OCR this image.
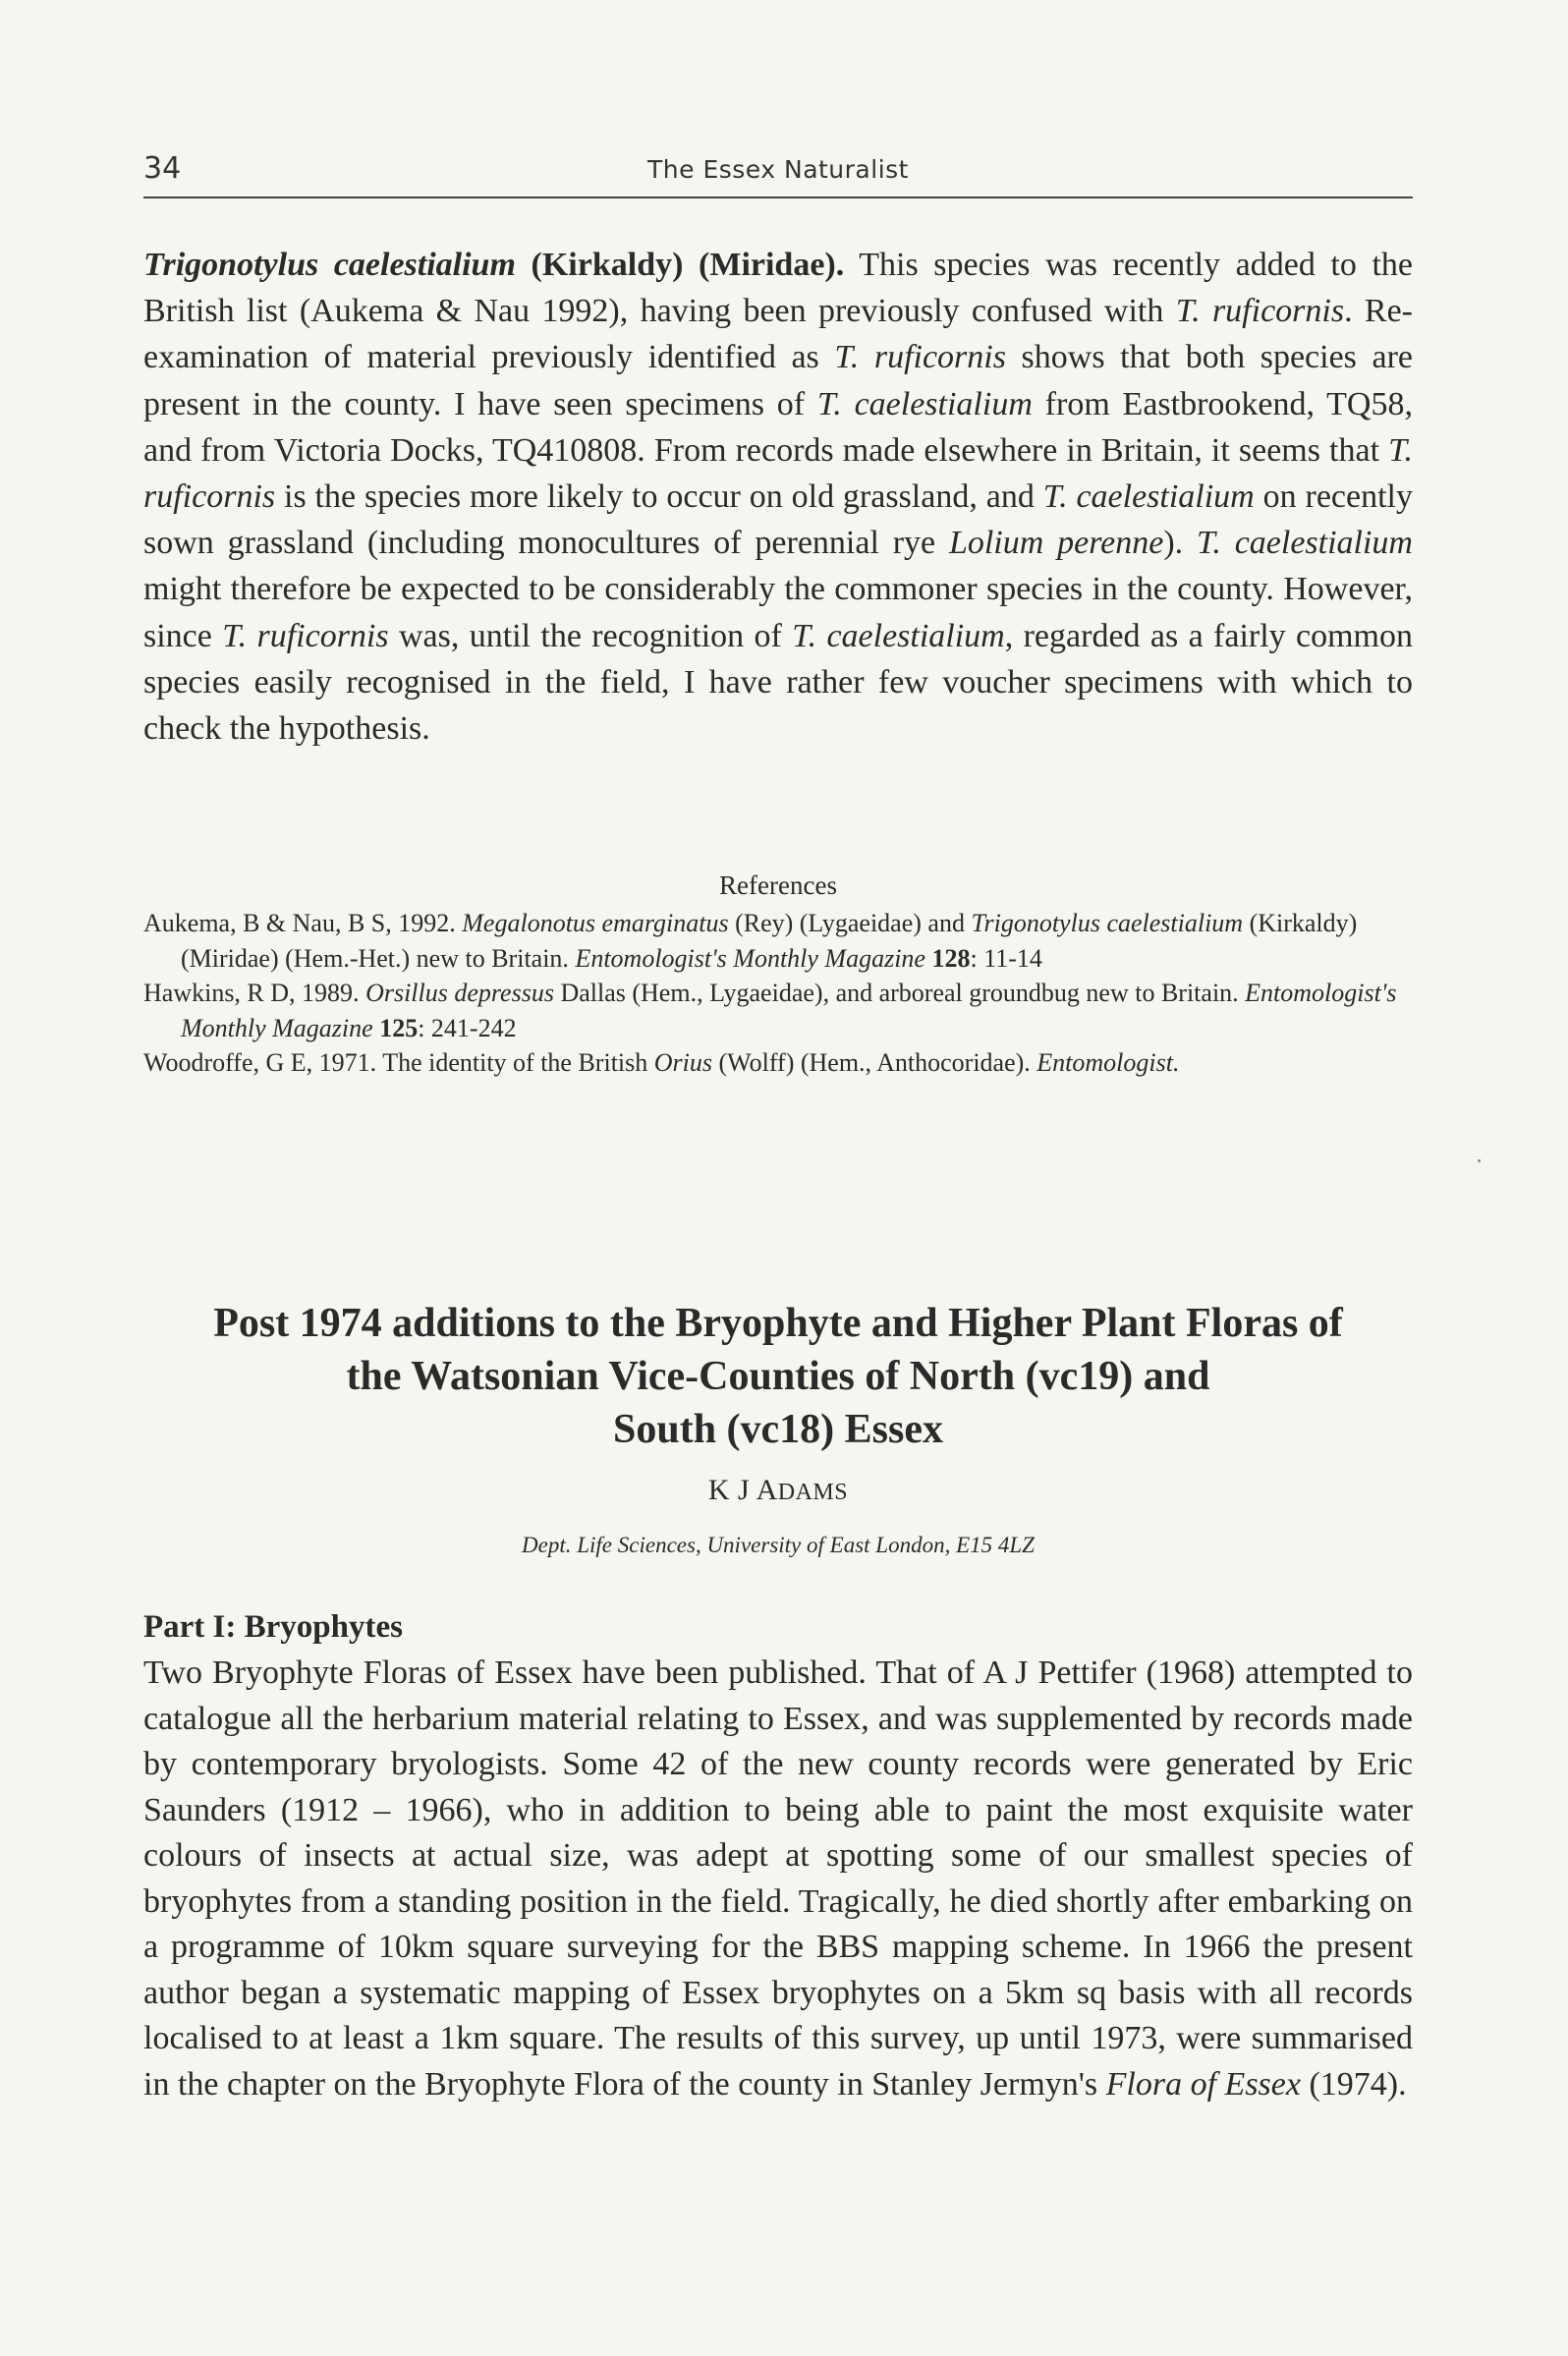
34	The Essex Naturalist

Trigonotylus caelestialium (Kirkaldy) (Miridae). This species was recently added to the British list (Aukema & Nau 1992), having been previously confused with T. ruficornis. Re-examination of material previously identified as T. ruficornis shows that both species are present in the county. I have seen specimens of T. caelestialium from Eastbrookend, TQ58, and from Victoria Docks, TQ410808. From records made elsewhere in Britain, it seems that T. ruficornis is the species more likely to occur on old grassland, and T. caelestialium on recently sown grassland (including monocultures of perennial rye Lolium perenne). T. caelestialium might therefore be expected to be considerably the commoner species in the county. However, since T. ruficornis was, until the recognition of T. caelestialium, regarded as a fairly common species easily recognised in the field, I have rather few voucher specimens with which to check the hypothesis.

References

Aukema, B & Nau, B S, 1992. Megalonotus emarginatus (Rey) (Lygaeidae) and Trigonotylus caelestialium (Kirkaldy) (Miridae) (Hem.-Het.) new to Britain. Entomologist's Monthly Magazine 128: 11-14

Hawkins, R D, 1989. Orsillus depressus Dallas (Hem., Lygaeidae), and arboreal groundbug new to Britain. Entomologist's Monthly Magazine 125: 241-242

Woodroffe, G E, 1971. The identity of the British Orius (Wolff) (Hem., Anthocoridae). Entomologist.

Post 1974 additions to the Bryophyte and Higher Plant Floras of
the Watsonian Vice-Counties of North (vc19) and
South (vc18) Essex
K J ADAMS
Dept. Life Sciences, University of East London, E15 4LZ
Part I: Bryophytes

Two Bryophyte Floras of Essex have been published. That of A J Pettifer (1968) attempted to catalogue all the herbarium material relating to Essex, and was supplemented by records made by contemporary bryologists. Some 42 of the new county records were generated by Eric Saunders (1912 – 1966), who in addition to being able to paint the most exquisite water colours of insects at actual size, was adept at spotting some of our smallest species of bryophytes from a standing position in the field. Tragically, he died shortly after embarking on a programme of 10km square surveying for the BBS mapping scheme. In 1966 the present author began a systematic mapping of Essex bryophytes on a 5km sq basis with all records localised to at least a 1km square. The results of this survey, up until 1973, were summarised in the chapter on the Bryophyte Flora of the county in Stanley Jermyn's Flora of Essex (1974).
